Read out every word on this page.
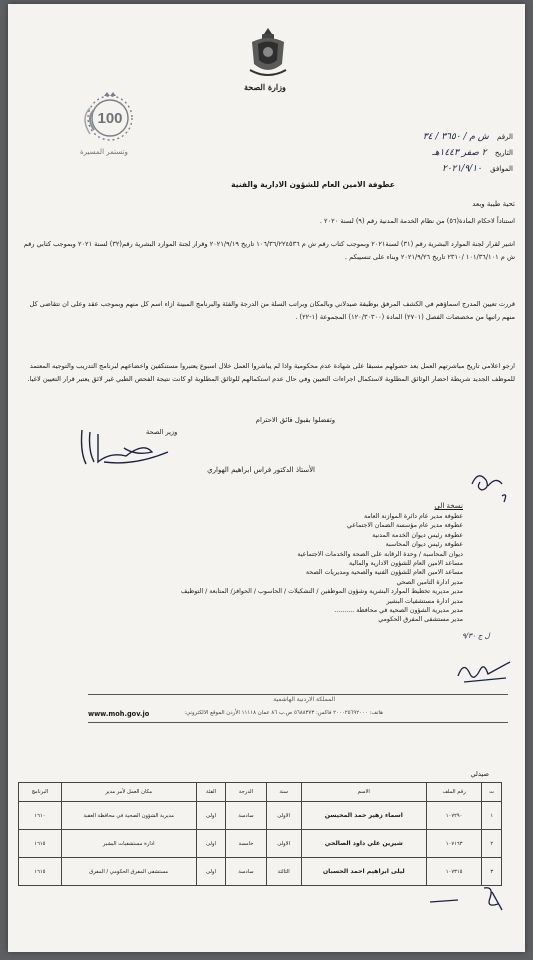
وزارة الصحة
100
وتستمر المسيرة
الرقم ش م / ٣٦٥٠ / ٣٤
التاريخ ٢ صفر ١٤٤٣هـ
الموافق ٢٠٢١/٩/١٠
عطوفة الامين العام للشؤون الادارية والفنية
تحية طيبة وبعد
استناداً لاحكام المادة(٥٦) من نظام الخدمة المدنية رقم (٩) لسنة ٢٠٢٠ .
اشير لقرار لجنة الموارد البشرية رقم (٣١) لسنة٢٠٢١ وبموجب كتاب رقم ش م ١٠٦/٣٦/٢٢٤٥٣٦ تاريخ ٢٠٢١/٩/١٩ وقرار لجنة الموارد البشرية رقم(٣٢) لسنة ٢٠٢١ وبموجب كتابي رقم ش م ١٠١/٣٦/١٠١ /٢٣١٠ تاريخ ٢٠٢١/٩/٢٦ وبناء على تنسيبكم .
قررت تعيين المدرج اسماؤهم في الكشف المرفق بوظيفة صيدلاني وبالمكان وبراتب السلة من الدرجة والفئة والبرنامج المبينة ازاء اسم كل منهم وبموجب عقد وعلى ان تتقاضى كل منهم راتبها من مخصصات الفصل (٢٧٠١) المادة (١٢٠/٣٠٣٠٠) المجموعة (١-٢٢) .
ارجو اعلامي تاريخ مباشرتهم العمل بعد حصولهم مسبقا على شهادة عدم محكومية واذا لم يباشروا العمل خلال اسبوع يعتبروا مستنكفين واخضاعهم لبرنامج التدريب والتوجيه المعتمد للموظف الجديد شريطة احضار الوثائق المطلوبة لاستكمال اجراءات التعيين وفي حال عدم استكمالهم للوثائق المطلوبة او كانت نتيجة الفحص الطبي غير لائق يعتبر قرار التعيين لاغيا.
وتفضلوا بقبول فائق الاحترام
وزير الصحة
الأستاذ الدكتور فراس ابراهيم الهواري
نسخة الى
عطوفة مدير عام دائرة الموازنة العامة
عطوفة مدير عام مؤسسة الضمان الاجتماعي
عطوفة رئيس ديوان الخدمة المدنية
عطوفة رئيس ديوان المحاسبة
ديوان المحاسبة / وحدة الرقابة على الصحة والخدمات الاجتماعية
مساعد الامين العام للشؤون الادارية والمالية
مساعد الامين العام للشؤون الفنية والصحية ومديريات الصحة
مدير ادارة التامين الصحي
مدير مديرية تخطيط الموارد البشرية وشؤون الموظفين / التشكيلات / الحاسوب / الحوافز/ المتابعة / التوظيف
مدير ادارة مستشفيات البشير
مدير مديرية الشؤون الصحية في محافظة ..........
مدير مستشفى المفرق الحكومي
ل ج ٩/٣٠
المملكة الاردنية الهاشمية
هاتف: ٢٠٠٠٢٥٦٩٢٠٠٠ فاكس: ٥٦٨٨٣٧٣ ص.ب ٨٦ عمان ١١١١٨ الأردن الموقع الالكتروني:
www.moh.gov.jo
صيدلي
ت	رقم الملف	الاسم	سنة	الدرجة	الفئة	مكان العمل لأمر مدير	البرنامج
١	١٠٧٢٩٠	اسماء زهير حمد المحيسن	الاولى	سادسة	اولى	مديرية الشؤون الصحية في محافظة العقبة	١٦١٠
٢	١٠٧١٦٣	شيرين علي داود الصالحي	الاولى	خامسة	اولى	ادارة مستشفيات البشير	١٦١٥
٣	١٠٧٣١٥	ليلى ابراهيم احمد الحسبان	الثالثة	سادسة	اولى	مستشفى المفرق الحكومي / المفرق	١٦١٥
